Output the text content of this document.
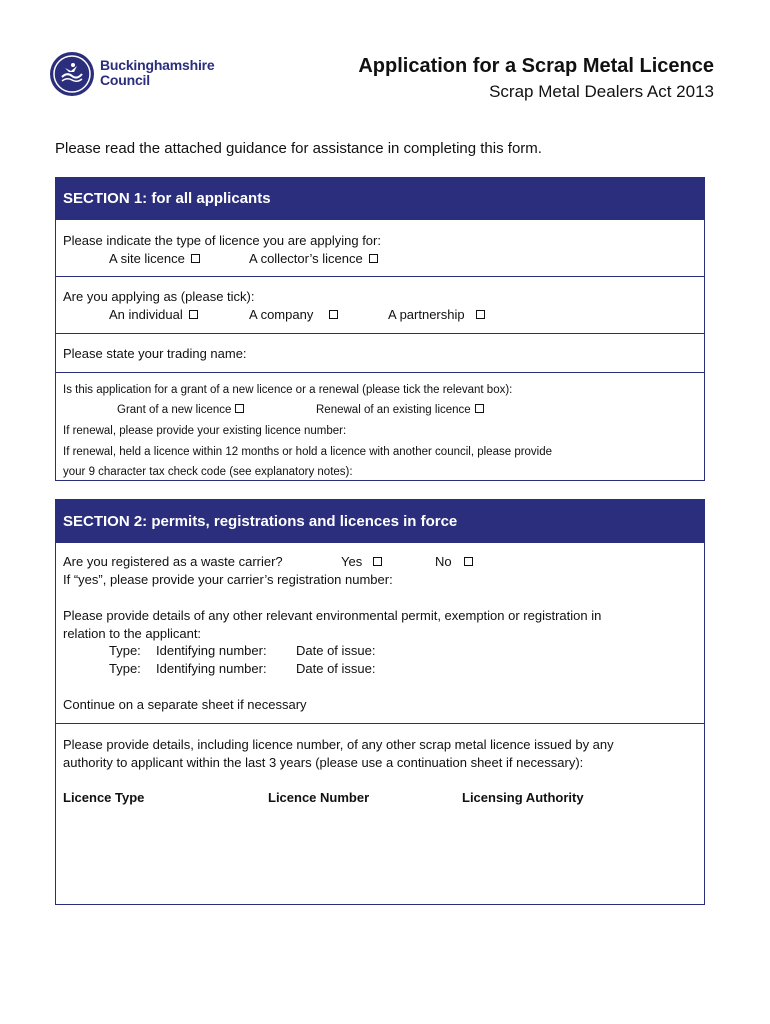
Buckinghamshire
Council
Application for a Scrap Metal Licence
Scrap Metal Dealers Act 2013
Please read the attached guidance for assistance in completing this form.
SECTION 1: for all applicants
Please indicate the type of licence you are applying for:
A site licence	A collector’s licence
Are you applying as (please tick):
An individual	A company	A partnership
Please state your trading name:
Is this application for a grant of a new licence or a renewal (please tick the relevant box):
Grant of a new licence	Renewal of an existing licence
If renewal, please provide your existing licence number:
If renewal, held a licence within 12 months or hold a licence with another council, please provide
your 9 character tax check code (see explanatory notes):
SECTION 2: permits, registrations and licences in force
Are you registered as a waste carrier?	Yes	No
If “yes”, please provide your carrier’s registration number:
Please provide details of any other relevant environmental permit, exemption or registration in
relation to the applicant:
Type: Identifying number: Date of issue:
Type: Identifying number: Date of issue:
Continue on a separate sheet if necessary
Please provide details, including licence number, of any other scrap metal licence issued by any
authority to applicant within the last 3 years (please use a continuation sheet if necessary):
Licence Type	Licence Number	Licensing Authority
